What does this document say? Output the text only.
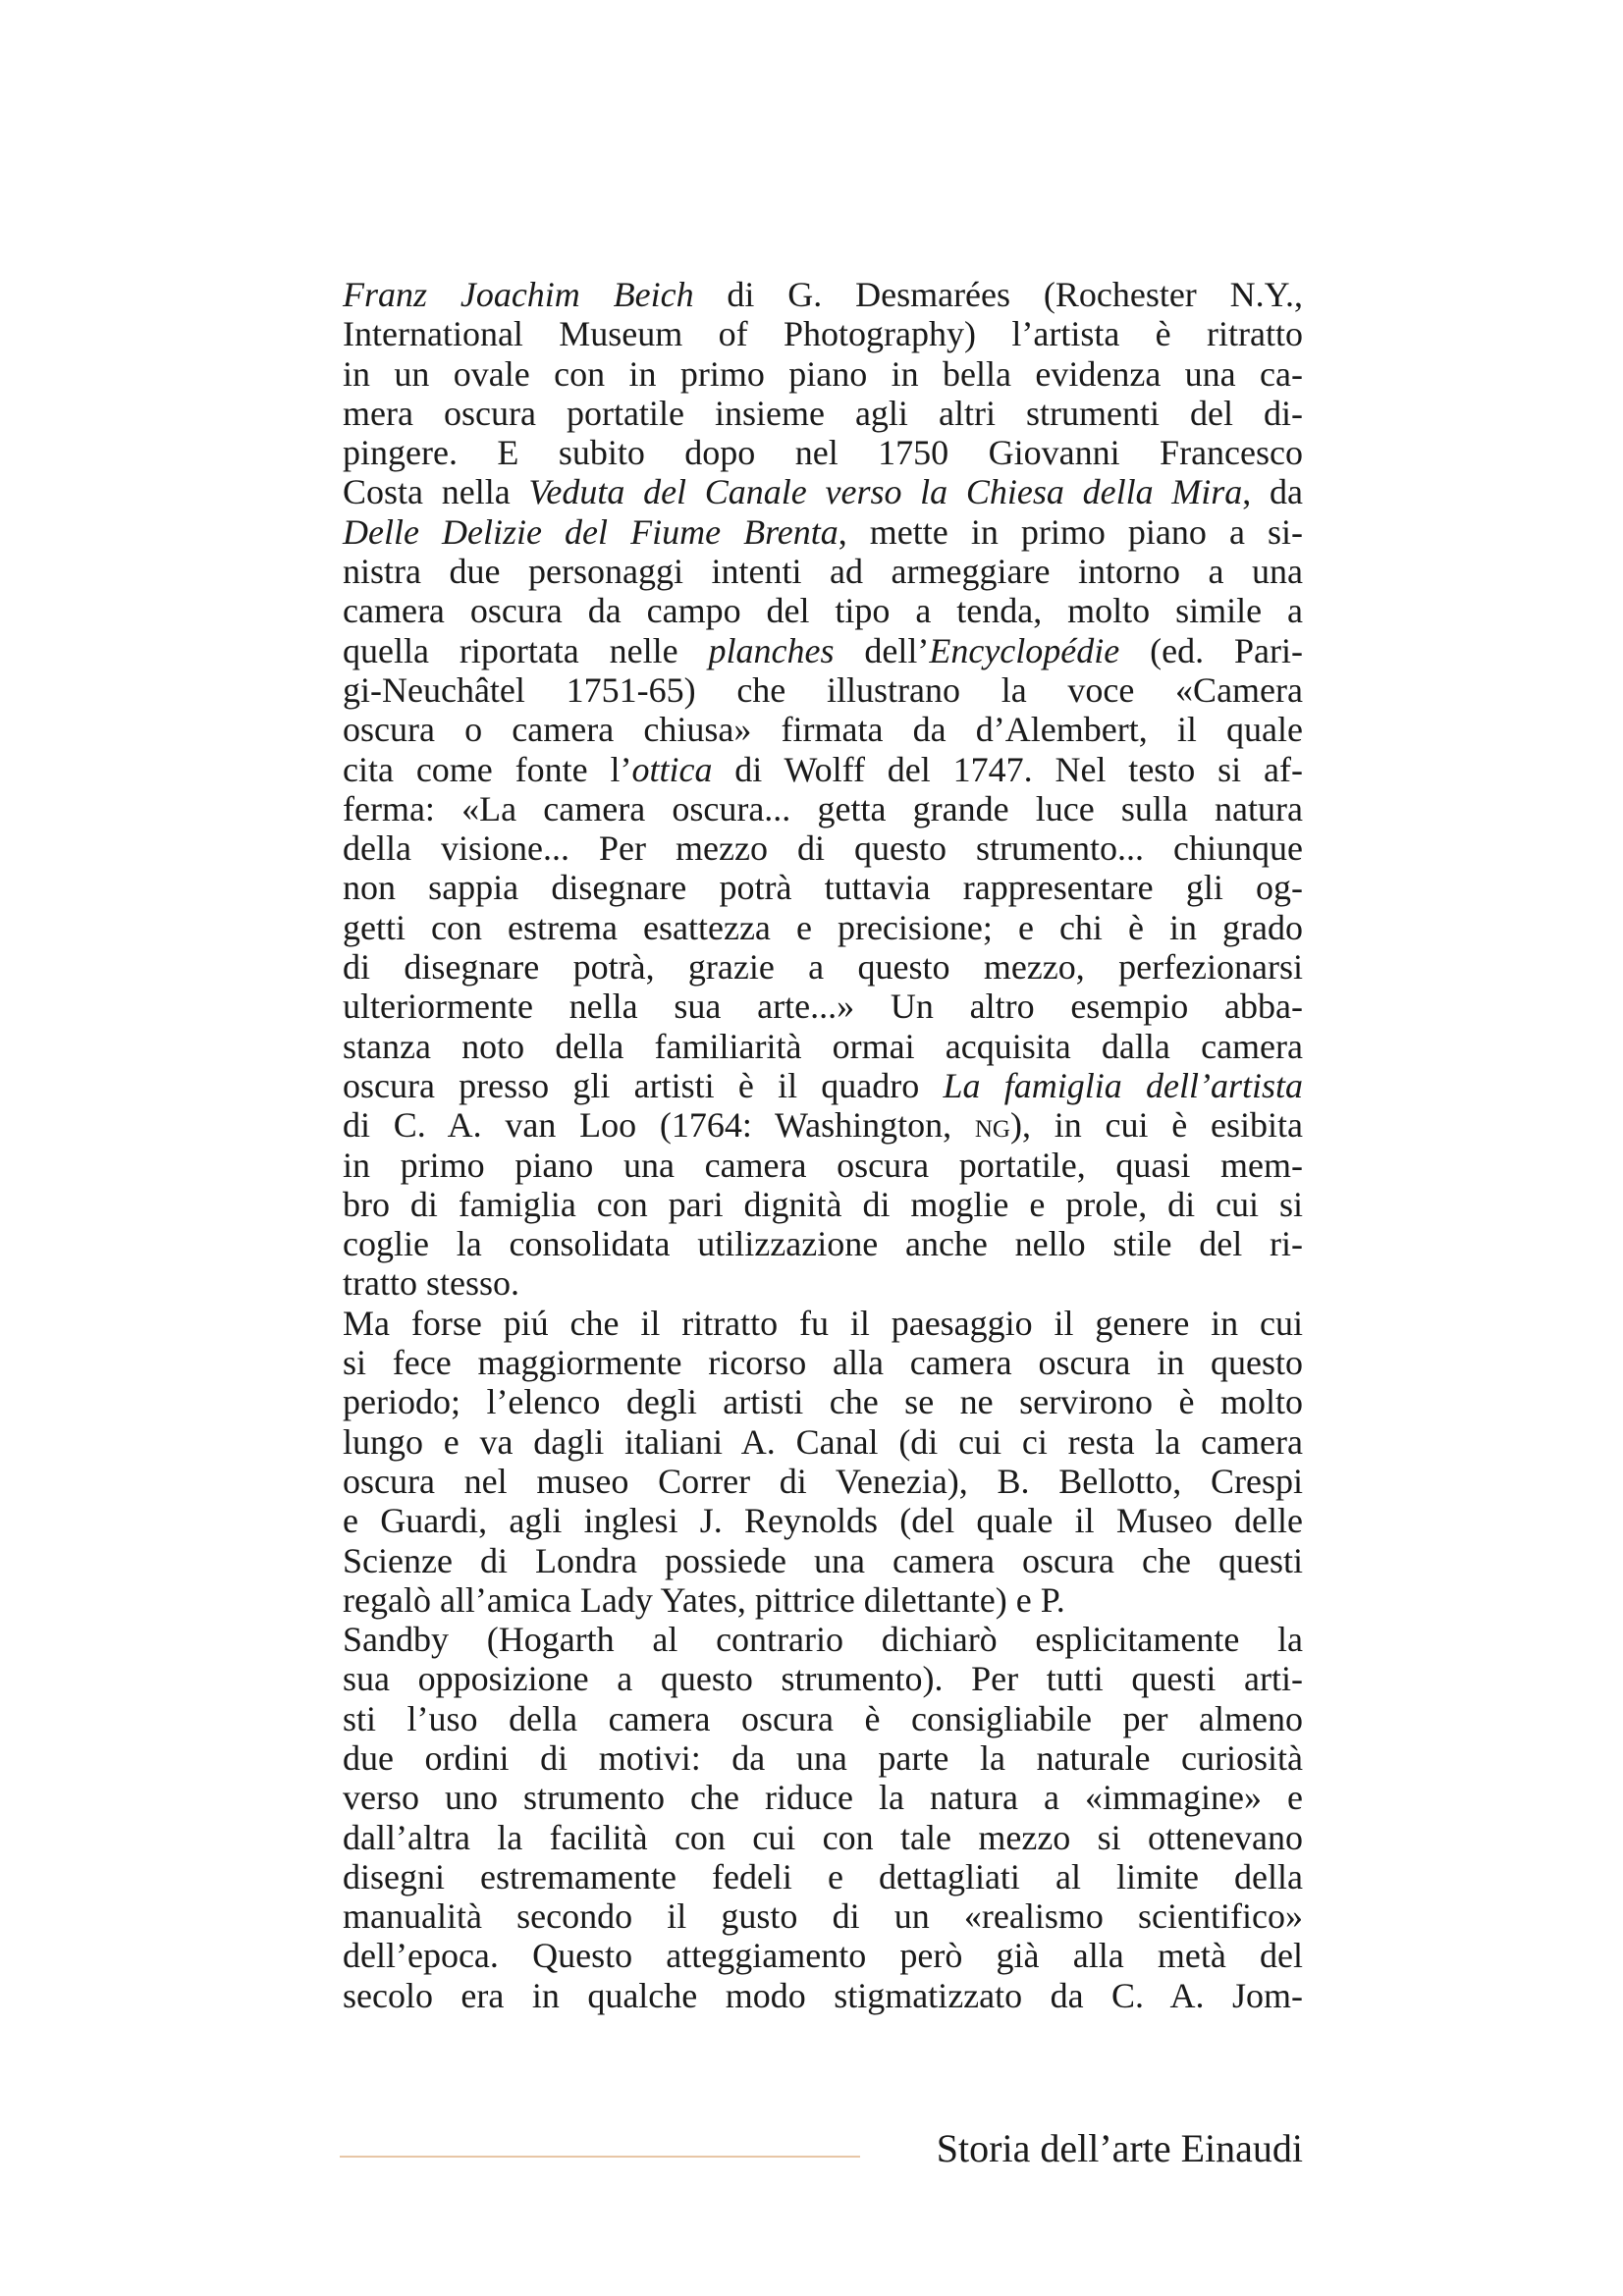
Franz Joachim Beich di G. Desmarées (Rochester N.Y.,
International Museum of Photography) l’artista è ritratto
in un ovale con in primo piano in bella evidenza una ca-
mera oscura portatile insieme agli altri strumenti del di-
pingere. E subito dopo nel 1750 Giovanni Francesco
Costa nella Veduta del Canale verso la Chiesa della Mira, da
Delle Delizie del Fiume Brenta, mette in primo piano a si-
nistra due personaggi intenti ad armeggiare intorno a una
camera oscura da campo del tipo a tenda, molto simile a
quella riportata nelle planches dell’Encyclopédie (ed. Pari-
gi-Neuchâtel 1751-65) che illustrano la voce «Camera
oscura o camera chiusa» firmata da d’Alembert, il quale
cita come fonte l’ottica di Wolff del 1747. Nel testo si af-
ferma: «La camera oscura... getta grande luce sulla natura
della visione... Per mezzo di questo strumento... chiunque
non sappia disegnare potrà tuttavia rappresentare gli og-
getti con estrema esattezza e precisione; e chi è in grado
di disegnare potrà, grazie a questo mezzo, perfezionarsi
ulteriormente nella sua arte...» Un altro esempio abba-
stanza noto della familiarità ormai acquisita dalla camera
oscura presso gli artisti è il quadro La famiglia dell’artista
di C. A. van Loo (1764: Washington, ng), in cui è esibita
in primo piano una camera oscura portatile, quasi mem-
bro di famiglia con pari dignità di moglie e prole, di cui si
coglie la consolidata utilizzazione anche nello stile del ri-
tratto stesso.
Ma forse piú che il ritratto fu il paesaggio il genere in cui
si fece maggiormente ricorso alla camera oscura in questo
periodo; l’elenco degli artisti che se ne servirono è molto
lungo e va dagli italiani A. Canal (di cui ci resta la camera
oscura nel museo Correr di Venezia), B. Bellotto, Crespi
e Guardi, agli inglesi J. Reynolds (del quale il Museo delle
Scienze di Londra possiede una camera oscura che questi
regalò all’amica Lady Yates, pittrice dilettante) e P.
Sandby (Hogarth al contrario dichiarò esplicitamente la
sua opposizione a questo strumento). Per tutti questi arti-
sti l’uso della camera oscura è consigliabile per almeno
due ordini di motivi: da una parte la naturale curiosità
verso uno strumento che riduce la natura a «immagine» e
dall’altra la facilità con cui con tale mezzo si ottenevano
disegni estremamente fedeli e dettagliati al limite della
manualità secondo il gusto di un «realismo scientifico»
dell’epoca. Questo atteggiamento però già alla metà del
secolo era in qualche modo stigmatizzato da C. A. Jom-
Storia dell’arte Einaudi
